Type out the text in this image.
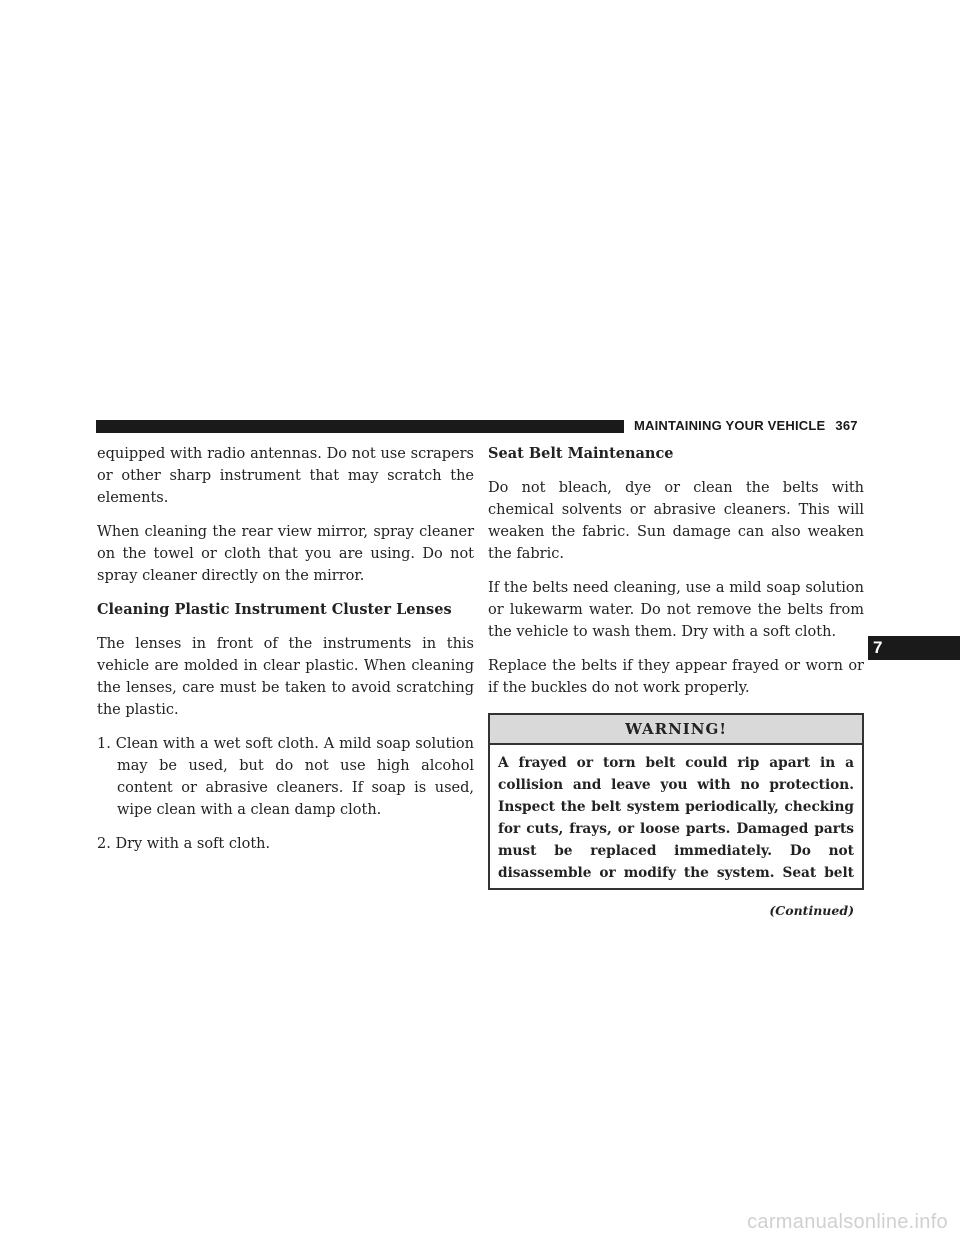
MAINTAINING YOUR VEHICLE 367

equipped with radio antennas. Do not use scrapers or other sharp instrument that may scratch the elements.

When cleaning the rear view mirror, spray cleaner on the towel or cloth that you are using. Do not spray cleaner directly on the mirror.

Cleaning Plastic Instrument Cluster Lenses

The lenses in front of the instruments in this vehicle are molded in clear plastic. When cleaning the lenses, care must be taken to avoid scratching the plastic.

1. Clean with a wet soft cloth. A mild soap solution may be used, but do not use high alcohol content or abrasive cleaners. If soap is used, wipe clean with a clean damp cloth.
2. Dry with a soft cloth.
Seat Belt Maintenance

Do not bleach, dye or clean the belts with chemical solvents or abrasive cleaners. This will weaken the fabric. Sun damage can also weaken the fabric.

If the belts need cleaning, use a mild soap solution or lukewarm water. Do not remove the belts from the vehicle to wash them. Dry with a soft cloth.

Replace the belts if they appear frayed or worn or if the buckles do not work properly.

WARNING!
A frayed or torn belt could rip apart in a collision and leave you with no protection. Inspect the belt system periodically, checking for cuts, frays, or loose parts. Damaged parts must be replaced immediately. Do not disassemble or modify the system. Seat belt
(Continued)
7
carmanualsonline.info
